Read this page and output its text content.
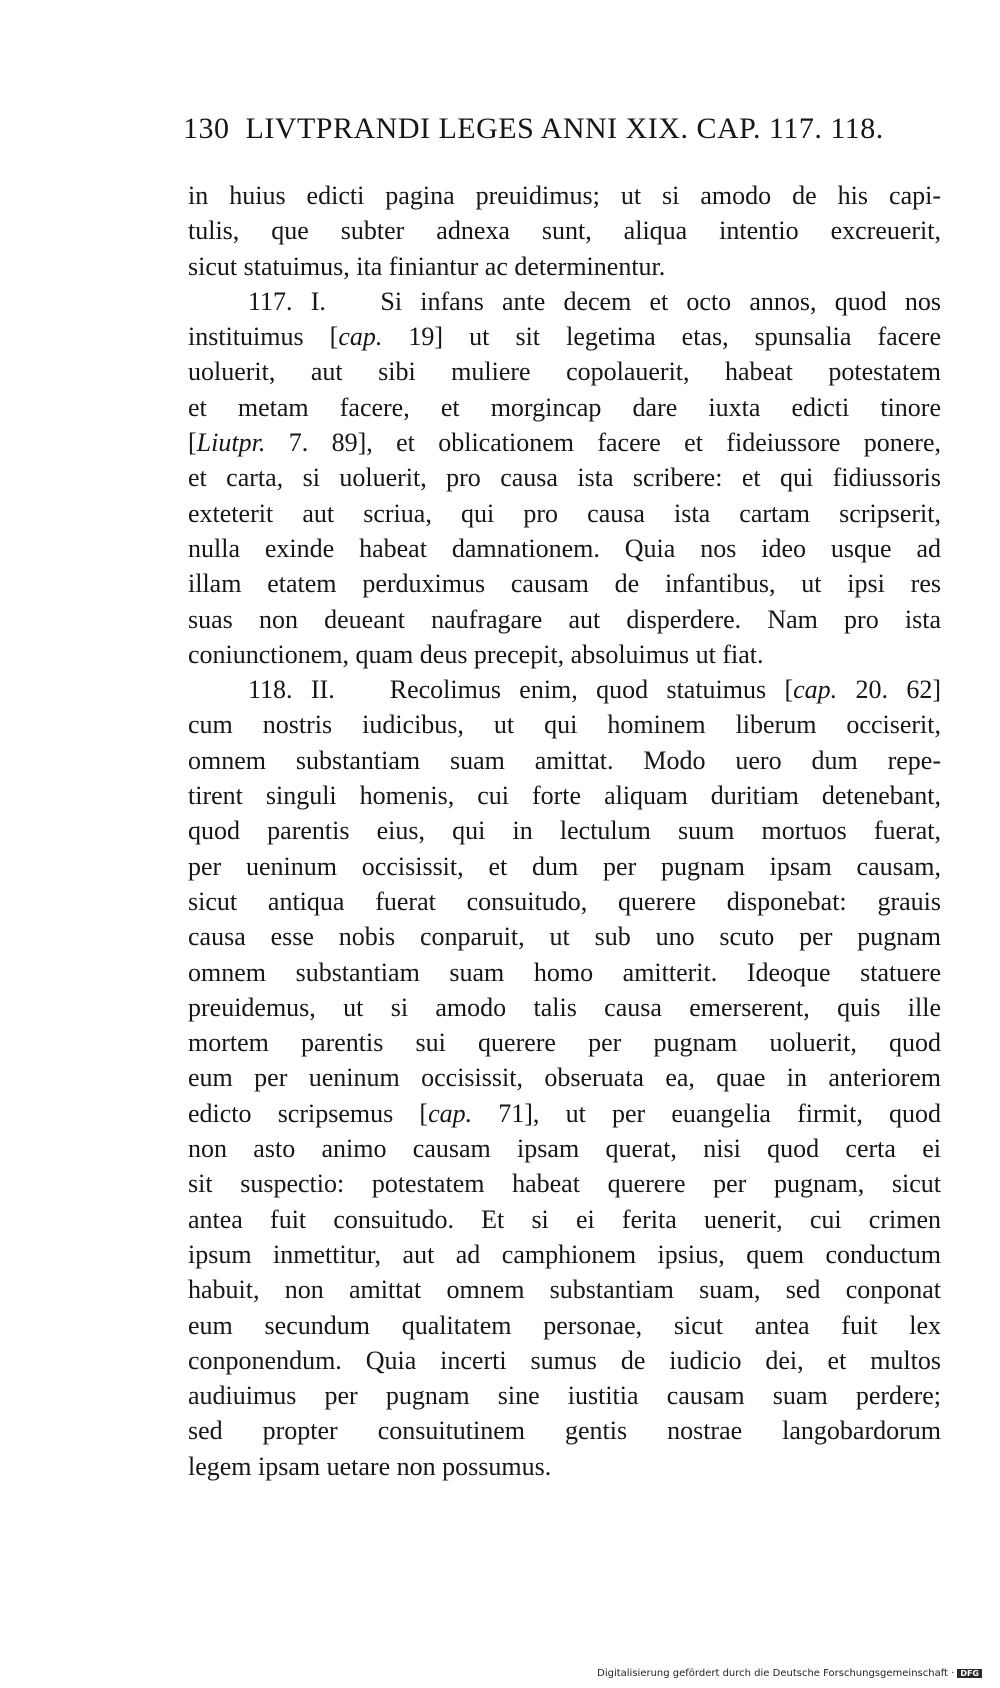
130 LIVTPRANDI LEGES ANNI XIX. CAP. 117. 118.
in huius edicti pagina preuidimus; ut si amodo de his capi-
tulis, que subter adnexa sunt, aliqua intentio excreuerit,
sicut statuimus, ita finiantur ac determinentur.
117. I. Si infans ante decem et octo annos, quod nos
instituimus [cap. 19] ut sit legetima etas, spunsalia facere
uoluerit, aut sibi muliere copolauerit, habeat potestatem
et metam facere, et morgincap dare iuxta edicti tinore
[Liutpr. 7. 89], et oblicationem facere et fideiussore ponere,
et carta, si uoluerit, pro causa ista scribere: et qui fidiussoris
exteterit aut scriua, qui pro causa ista cartam scripserit,
nulla exinde habeat damnationem. Quia nos ideo usque ad
illam etatem perduximus causam de infantibus, ut ipsi res
suas non deueant naufragare aut disperdere. Nam pro ista
coniunctionem, quam deus precepit, absoluimus ut fiat.
118. II. Recolimus enim, quod statuimus [cap. 20. 62]
cum nostris iudicibus, ut qui hominem liberum occiserit,
omnem substantiam suam amittat. Modo uero dum repe-
tirent singuli homenis, cui forte aliquam duritiam detenebant,
quod parentis eius, qui in lectulum suum mortuos fuerat,
per ueninum occisissit, et dum per pugnam ipsam causam,
sicut antiqua fuerat consuitudo, querere disponebat: grauis
causa esse nobis conparuit, ut sub uno scuto per pugnam
omnem substantiam suam homo amitterit. Ideoque statuere
preuidemus, ut si amodo talis causa emerserent, quis ille
mortem parentis sui querere per pugnam uoluerit, quod
eum per ueninum occisissit, obseruata ea, quae in anteriorem
edicto scripsemus [cap. 71], ut per euangelia firmit, quod
non asto animo causam ipsam querat, nisi quod certa ei
sit suspectio: potestatem habeat querere per pugnam, sicut
antea fuit consuitudo. Et si ei ferita uenerit, cui crimen
ipsum inmettitur, aut ad camphionem ipsius, quem conductum
habuit, non amittat omnem substantiam suam, sed conponat
eum secundum qualitatem personae, sicut antea fuit lex
conponendum. Quia incerti sumus de iudicio dei, et multos
audiuimus per pugnam sine iustitia causam suam perdere;
sed propter consuitutinem gentis nostrae langobardorum
legem ipsam uetare non possumus.
Digitalisierung gefördert durch die Deutsche Forschungsgemeinschaft · DFG
